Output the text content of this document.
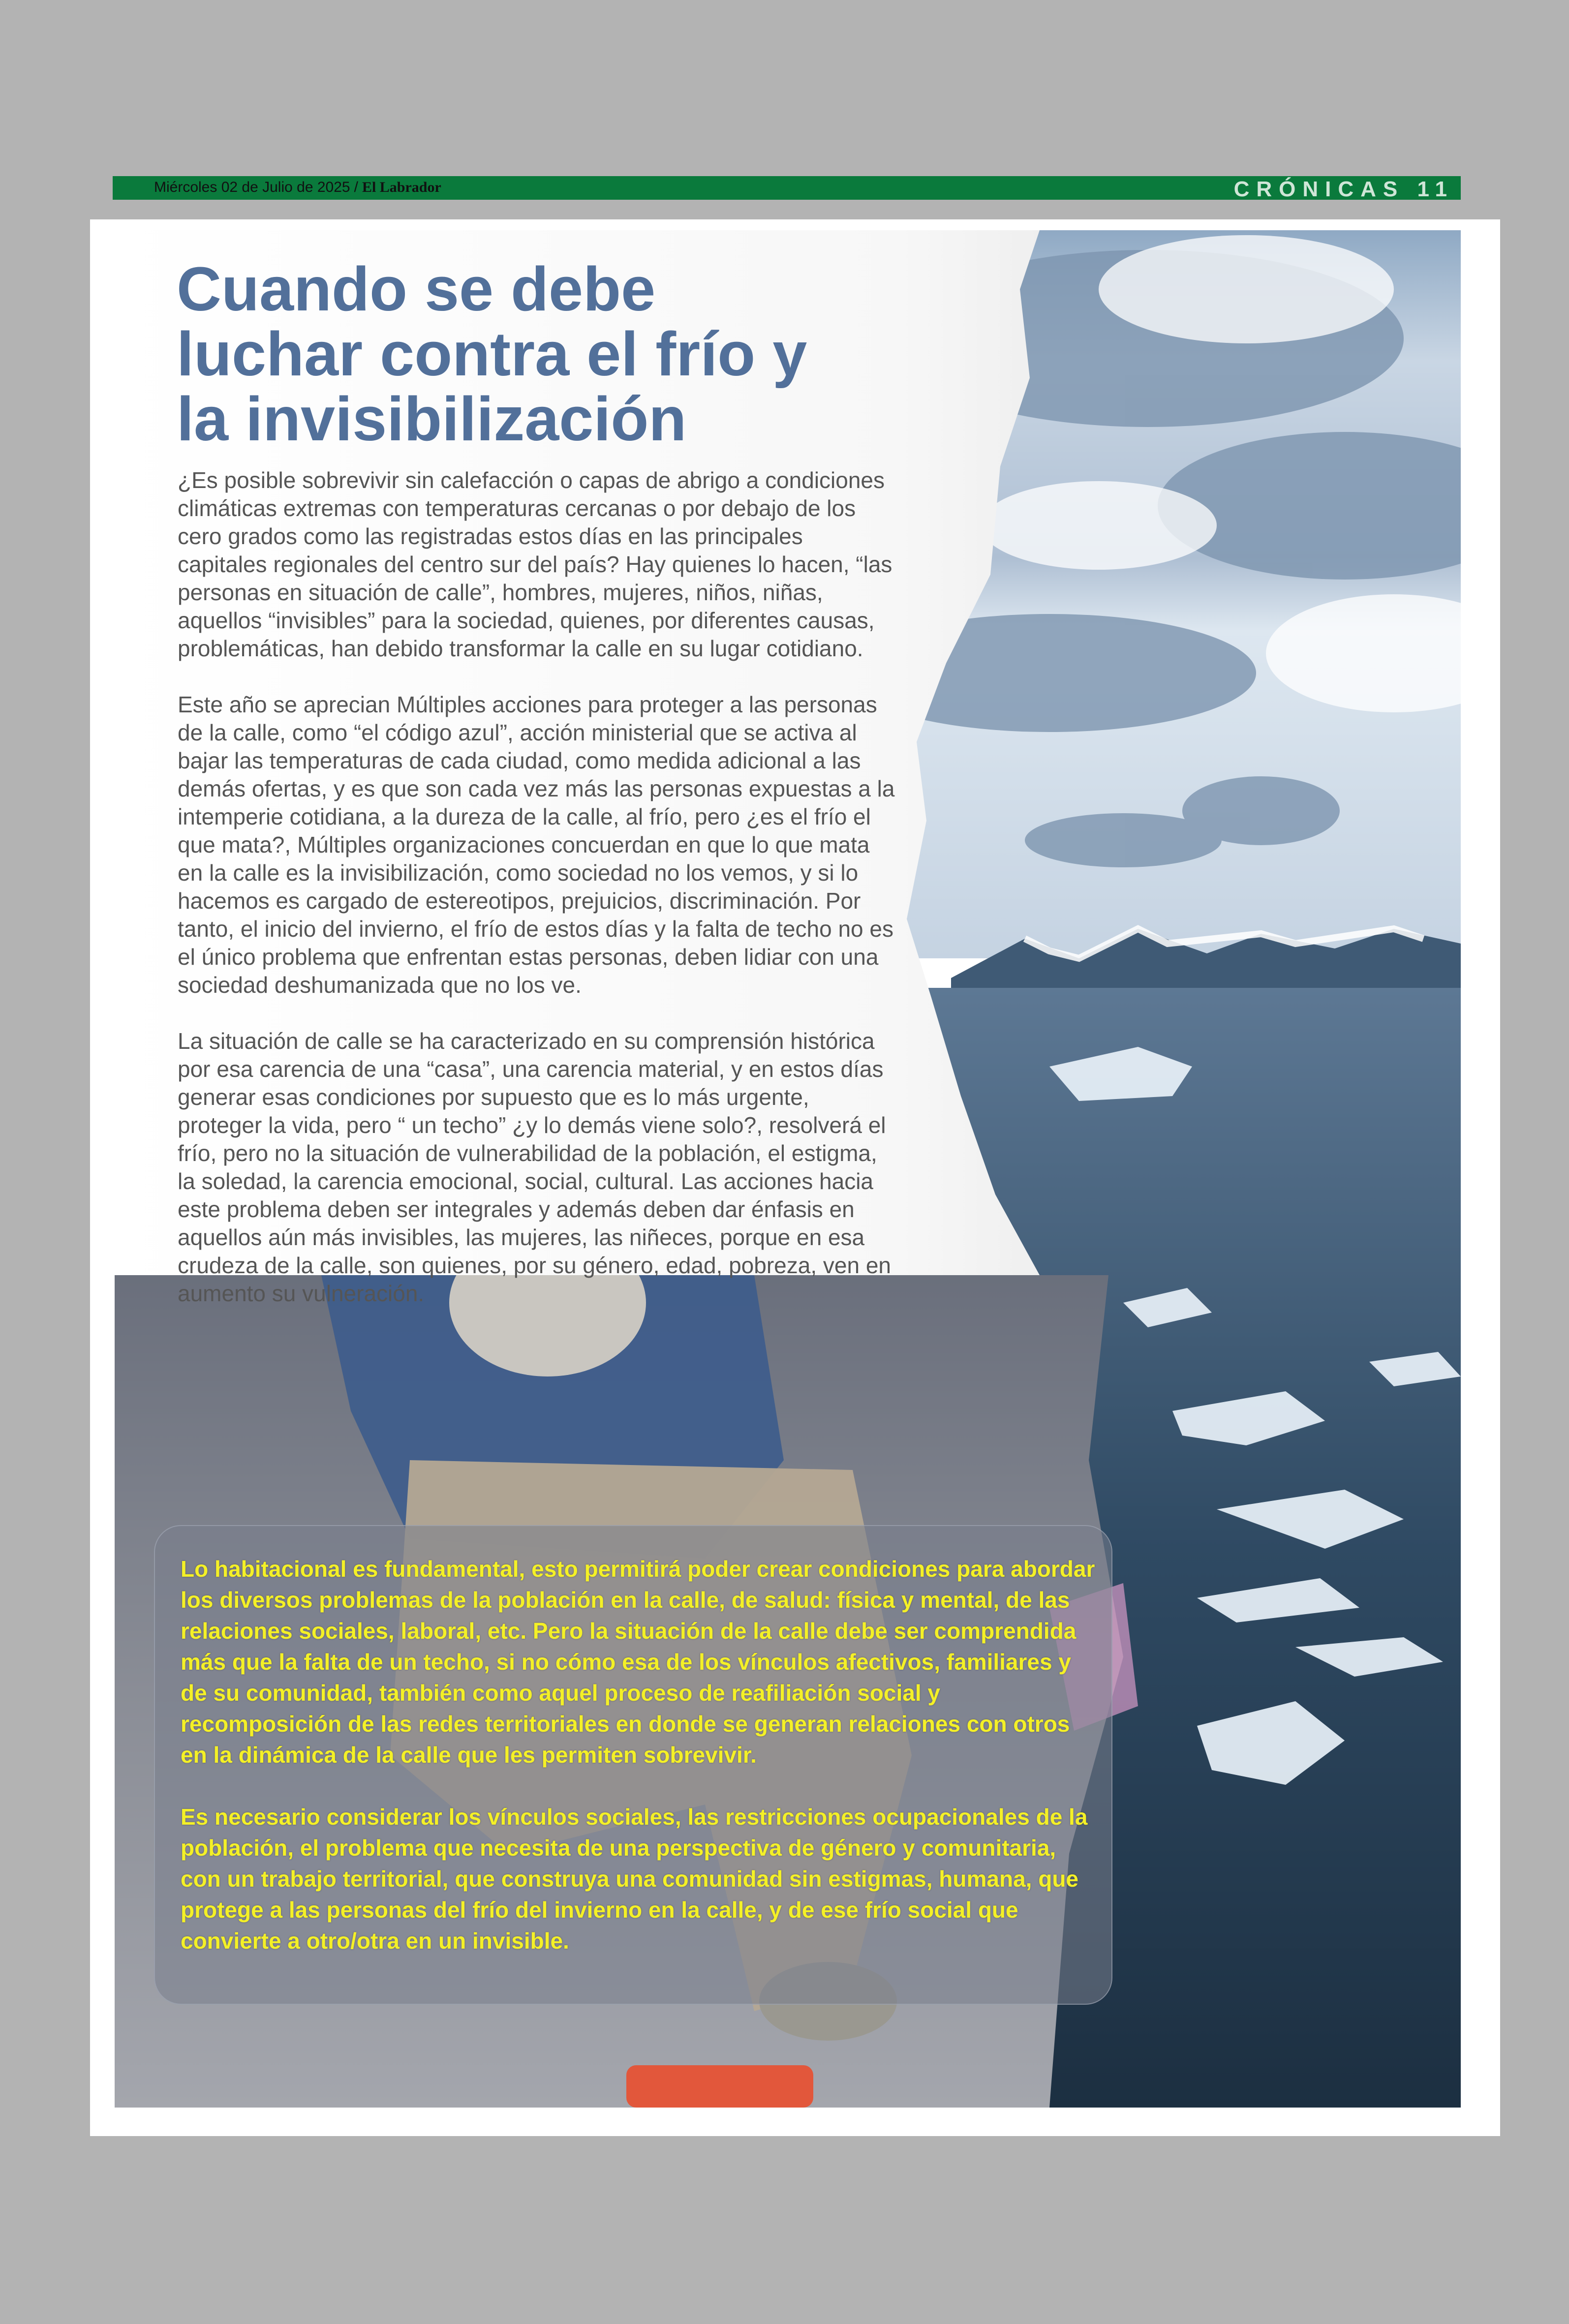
Miércoles 02 de Julio de 2025 / El Labrador	CRÓNICAS 11
Cuando se debe
luchar contra el frío y
la invisibilización

¿Es posible sobrevivir sin calefacción o capas de abrigo a condiciones climáticas extremas con temperaturas cercanas o por debajo de los cero grados como las registradas estos días en las principales capitales regionales del centro sur del país? Hay quienes lo hacen, “las personas en situación de calle”, hombres, mujeres, niños, niñas, aquellos “invisibles” para la sociedad, quienes, por diferentes causas, problemáticas, han debido transformar la calle en su lugar cotidiano.

Este año se aprecian Múltiples acciones para proteger a las personas de la calle, como “el código azul”, acción ministerial que se activa al bajar las temperaturas de cada ciudad, como medida adicional a las demás ofertas, y es que son cada vez más las personas expuestas a la intemperie cotidiana, a la dureza de la calle, al frío, pero ¿es el frío el que mata?, Múltiples organizaciones concuerdan en que lo que mata en la calle es la invisibilización, como sociedad no los vemos, y si lo hacemos es cargado de estereotipos, prejuicios, discriminación. Por tanto, el inicio del invierno, el frío de estos días y la falta de techo no es el único problema que enfrentan estas personas, deben lidiar con una sociedad deshumanizada que no los ve.

La situación de calle se ha caracterizado en su comprensión histórica por esa carencia de una “casa”, una carencia material, y en estos días generar esas condiciones por supuesto que es lo más urgente, proteger la vida, pero “ un techo” ¿y lo demás viene solo?, resolverá el frío, pero no la situación de vulnerabilidad de la población, el estigma, la soledad, la carencia emocional, social, cultural. Las acciones hacia este problema deben ser integrales y además deben dar énfasis en aquellos aún más invisibles, las mujeres, las niñeces, porque en esa crudeza de la calle, son quienes, por su género, edad, pobreza, ven en aumento su vulneración.

Lo habitacional es fundamental, esto permitirá poder crear condiciones para abordar los diversos problemas de la población en la calle, de salud: física y mental, de las relaciones sociales, laboral, etc. Pero la situación de la calle debe ser comprendida más que la falta de un techo, si no cómo esa de los vínculos afectivos, familiares y de su comunidad, también como aquel proceso de reafiliación social y recomposición de las redes territoriales en donde se generan relaciones con otros en la dinámica de la calle que les permiten sobrevivir.

Es necesario considerar los vínculos sociales, las restricciones ocupacionales de la población, el problema que necesita de una perspectiva de género y comunitaria, con un trabajo territorial, que construya una comunidad sin estigmas, humana, que protege a las personas del frío del invierno en la calle, y de ese frío social que convierte a otro/otra en un invisible.
